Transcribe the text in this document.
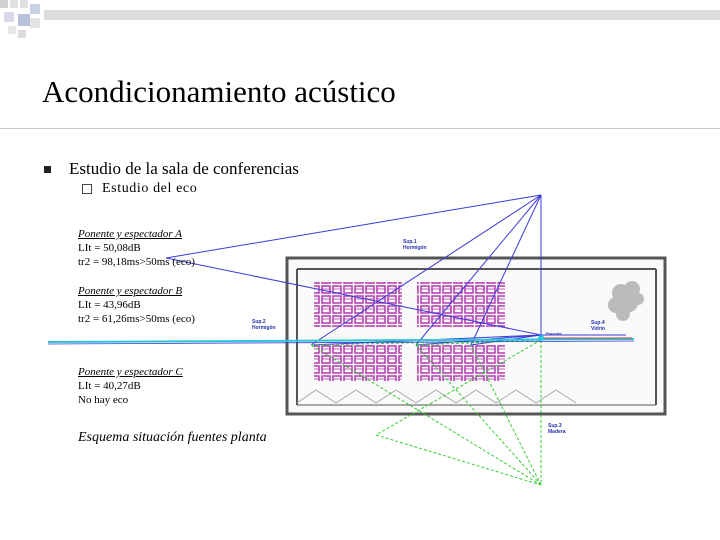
Acondicionamiento acústico
Estudio de la sala de conferencias
Estudio del eco
Sup.1
Hormigón
Sup.2
Hormigón
Sup.3
Madera
Sup.4
Vidrio
Ponente
Ponente y espectador A
LIt = 50,08dB
tr2 = 98,18ms>50ms (eco)
Ponente y espectador B
LIt = 43,96dB
tr2 = 61,26ms>50ms (eco)
Ponente y espectador C
LIt = 40,27dB
No hay eco
Esquema situación fuentes planta
